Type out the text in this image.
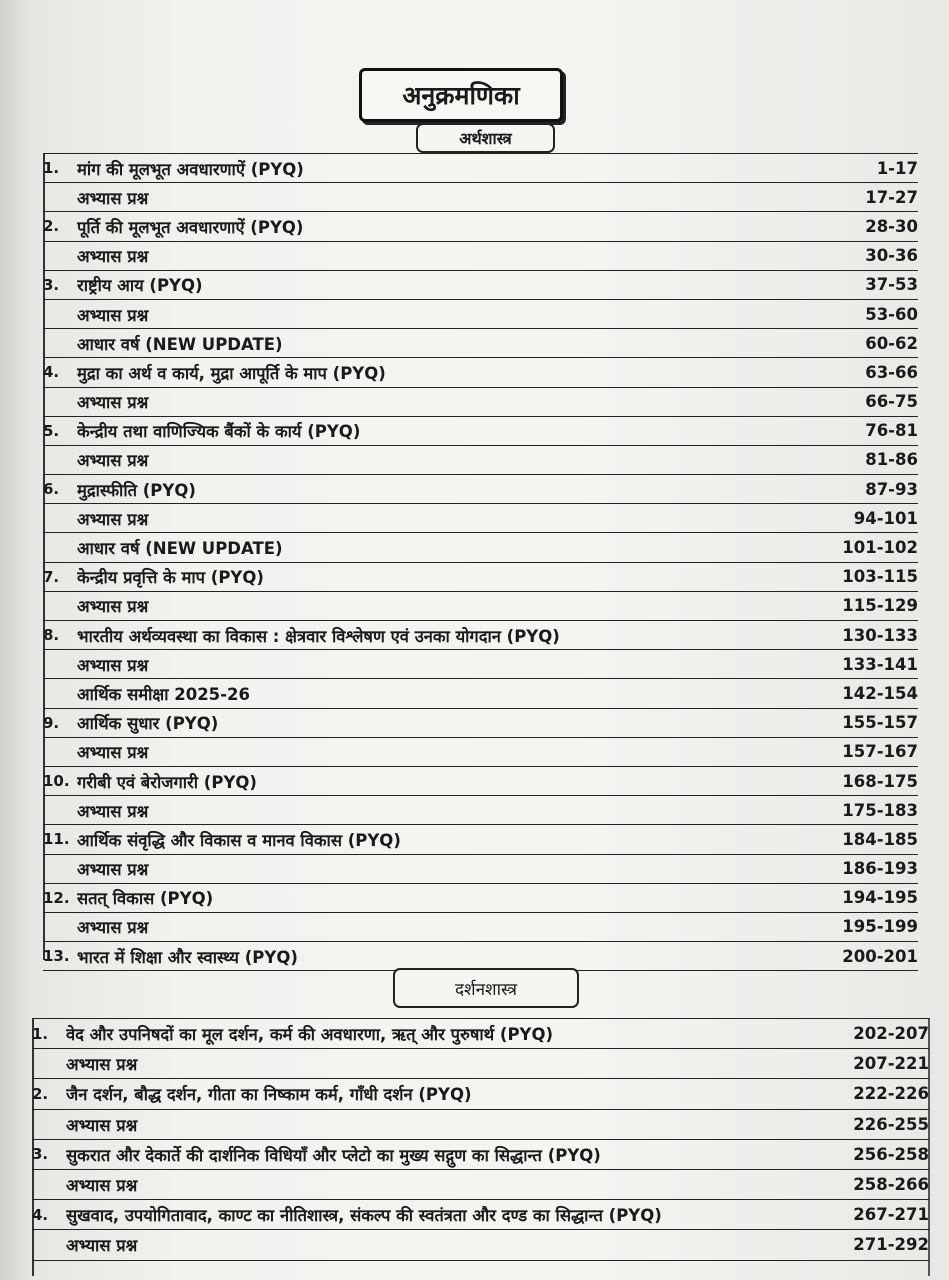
अनुक्रमणिका
अर्थशास्त्र
1.	मांग की मूलभूत अवधारणाऐं (PYQ)	1-17
	अभ्यास प्रश्न	17-27
2.	पूर्ति की मूलभूत अवधारणाऐं (PYQ)	28-30
	अभ्यास प्रश्न	30-36
3.	राष्ट्रीय आय (PYQ)	37-53
	अभ्यास प्रश्न	53-60
	आधार वर्ष (NEW UPDATE)	60-62
4.	मुद्रा का अर्थ व कार्य, मुद्रा आपूर्ति के माप (PYQ)	63-66
	अभ्यास प्रश्न	66-75
5.	केन्द्रीय तथा वाणिज्यिक बैंकों के कार्य (PYQ)	76-81
	अभ्यास प्रश्न	81-86
6.	मुद्रास्फीति (PYQ)	87-93
	अभ्यास प्रश्न	94-101
	आधार वर्ष (NEW UPDATE)	101-102
7.	केन्द्रीय प्रवृत्ति के माप (PYQ)	103-115
	अभ्यास प्रश्न	115-129
8.	भारतीय अर्थव्यवस्था का विकास : क्षेत्रवार विश्लेषण एवं उनका योगदान (PYQ)	130-133
	अभ्यास प्रश्न	133-141
	आर्थिक समीक्षा 2025-26	142-154
9.	आर्थिक सुधार (PYQ)	155-157
	अभ्यास प्रश्न	157-167
10.	गरीबी एवं बेरोजगारी (PYQ)	168-175
	अभ्यास प्रश्न	175-183
11.	आर्थिक संवृद्धि और विकास व मानव विकास (PYQ)	184-185
	अभ्यास प्रश्न	186-193
12.	सतत् विकास (PYQ)	194-195
	अभ्यास प्रश्न	195-199
13.	भारत में शिक्षा और स्वास्थ्य (PYQ)	200-201
दर्शनशास्त्र
1.	वेद और उपनिषदों का मूल दर्शन, कर्म की अवधारणा, ऋत् और पुरुषार्थ (PYQ)	202-207
	अभ्यास प्रश्न	207-221
2.	जैन दर्शन, बौद्ध दर्शन, गीता का निष्काम कर्म, गाँधी दर्शन (PYQ)	222-226
	अभ्यास प्रश्न	226-255
3.	सुकरात और देकार्ते की दार्शनिक विधियाँ और प्लेटो का मुख्य सद्गुण का सिद्धान्त (PYQ)	256-258
	अभ्यास प्रश्न	258-266
4.	सुखवाद, उपयोगितावाद, काण्ट का नीतिशास्त्र, संकल्प की स्वतंत्रता और दण्ड का सिद्धान्त (PYQ)	267-271
	अभ्यास प्रश्न	271-292
